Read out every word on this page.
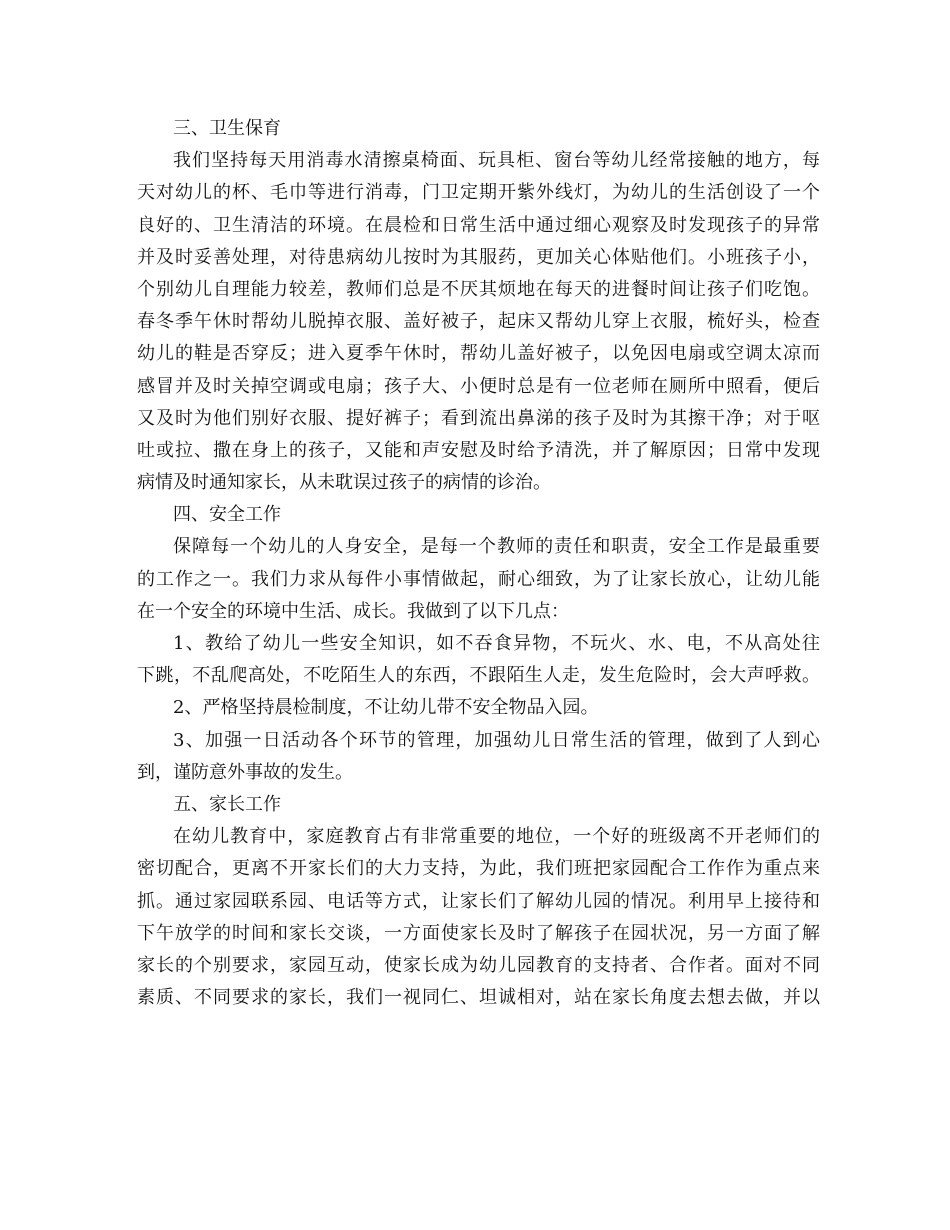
三、卫生保育
我们坚持每天用消毒水清擦桌椅面、玩具柜、窗台等幼儿经常接触的地方，每
天对幼儿的杯、毛巾等进行消毒，门卫定期开紫外线灯，为幼儿的生活创设了一个
良好的、卫生清洁的环境。在晨检和日常生活中通过细心观察及时发现孩子的异常
并及时妥善处理，对待患病幼儿按时为其服药，更加关心体贴他们。小班孩子小，
个别幼儿自理能力较差，教师们总是不厌其烦地在每天的进餐时间让孩子们吃饱。
春冬季午休时帮幼儿脱掉衣服、盖好被子，起床又帮幼儿穿上衣服，梳好头，检查
幼儿的鞋是否穿反；进入夏季午休时，帮幼儿盖好被子，以免因电扇或空调太凉而
感冒并及时关掉空调或电扇；孩子大、小便时总是有一位老师在厕所中照看，便后
又及时为他们别好衣服、提好裤子；看到流出鼻涕的孩子及时为其擦干净；对于呕
吐或拉、撒在身上的孩子，又能和声安慰及时给予清洗，并了解原因；日常中发现
病情及时通知家长，从未耽误过孩子的病情的诊治。
四、安全工作
保障每一个幼儿的人身安全，是每一个教师的责任和职责，安全工作是最重要
的工作之一。我们力求从每件小事情做起，耐心细致，为了让家长放心，让幼儿能
在一个安全的环境中生活、成长。我做到了以下几点：
1、教给了幼儿一些安全知识，如不吞食异物，不玩火、水、电，不从高处往
下跳，不乱爬高处，不吃陌生人的东西，不跟陌生人走，发生危险时，会大声呼救。
2、严格坚持晨检制度，不让幼儿带不安全物品入园。
3、加强一日活动各个环节的管理，加强幼儿日常生活的管理，做到了人到心
到，谨防意外事故的发生。
五、家长工作
在幼儿教育中，家庭教育占有非常重要的地位，一个好的班级离不开老师们的
密切配合，更离不开家长们的大力支持，为此，我们班把家园配合工作作为重点来
抓。通过家园联系园、电话等方式，让家长们了解幼儿园的情况。利用早上接待和
下午放学的时间和家长交谈，一方面使家长及时了解孩子在园状况，另一方面了解
家长的个别要求，家园互动，使家长成为幼儿园教育的支持者、合作者。面对不同
素质、不同要求的家长，我们一视同仁、坦诚相对，站在家长角度去想去做，并以
